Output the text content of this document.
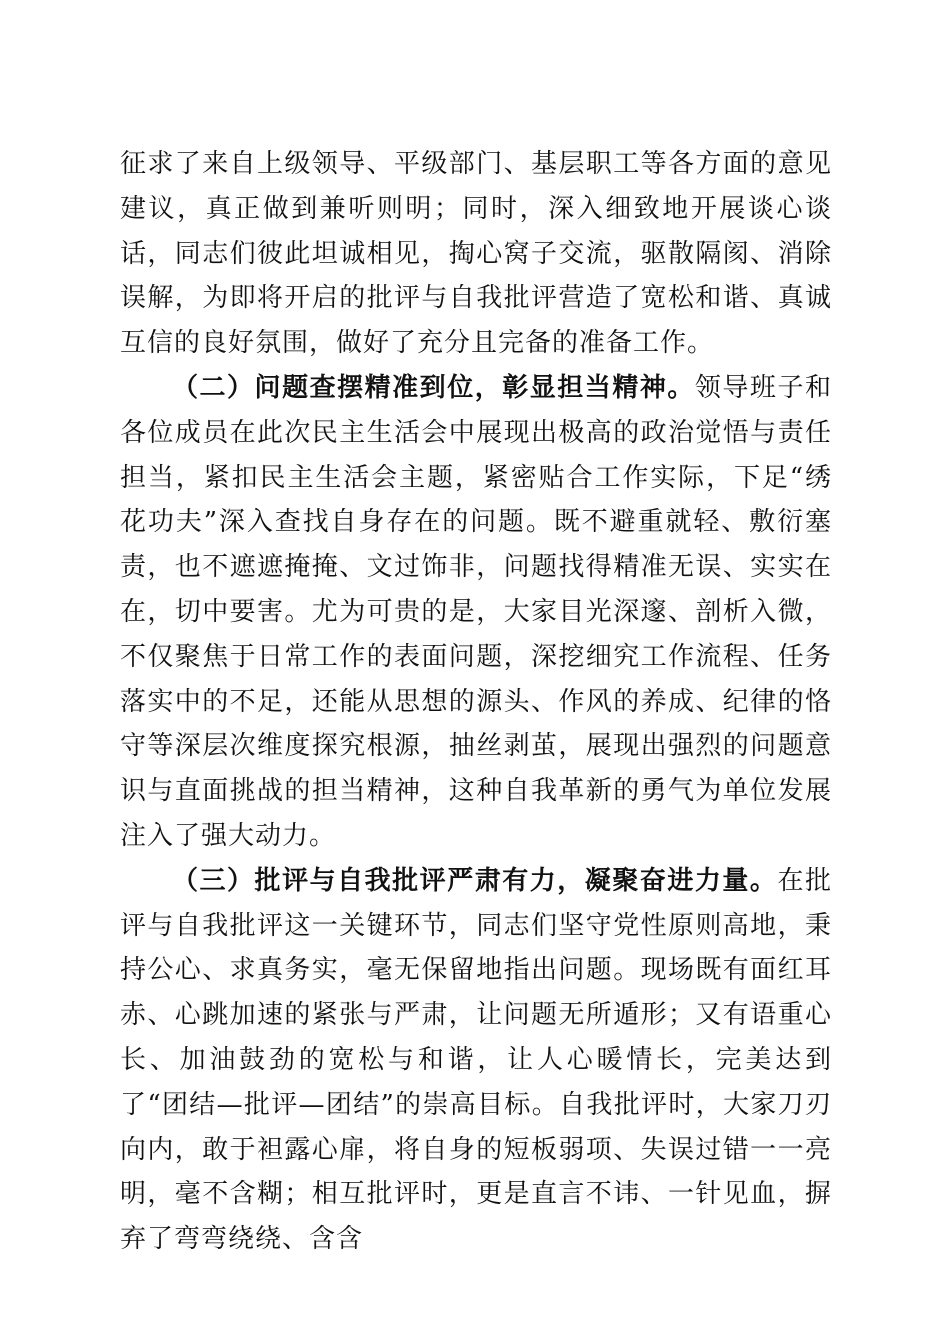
征求了来自上级领导、平级部门、基层职工等各方面的意见建议，真正做到兼听则明；同时，深入细致地开展谈心谈话，同志们彼此坦诚相见，掏心窝子交流，驱散隔阂、消除误解，为即将开启的批评与自我批评营造了宽松和谐、真诚互信的良好氛围，做好了充分且完备的准备工作。

（二）问题查摆精准到位，彰显担当精神。领导班子和各位成员在此次民主生活会中展现出极高的政治觉悟与责任担当，紧扣民主生活会主题，紧密贴合工作实际，下足“绣花功夫”深入查找自身存在的问题。既不避重就轻、敷衍塞责，也不遮遮掩掩、文过饰非，问题找得精准无误、实实在在，切中要害。尤为可贵的是，大家目光深邃、剖析入微，不仅聚焦于日常工作的表面问题，深挖细究工作流程、任务落实中的不足，还能从思想的源头、作风的养成、纪律的恪守等深层次维度探究根源，抽丝剥茧，展现出强烈的问题意识与直面挑战的担当精神，这种自我革新的勇气为单位发展注入了强大动力。

（三）批评与自我批评严肃有力，凝聚奋进力量。在批评与自我批评这一关键环节，同志们坚守党性原则高地，秉持公心、求真务实，毫无保留地指出问题。现场既有面红耳赤、心跳加速的紧张与严肃，让问题无所遁形；又有语重心长、加油鼓劲的宽松与和谐，让人心暖情长，完美达到了“团结—批评—团结”的崇高目标。自我批评时，大家刀刃向内，敢于袒露心扉，将自身的短板弱项、失误过错一一亮明，毫不含糊；相互批评时，更是直言不讳、一针见血，摒弃了弯弯绕绕、含含
